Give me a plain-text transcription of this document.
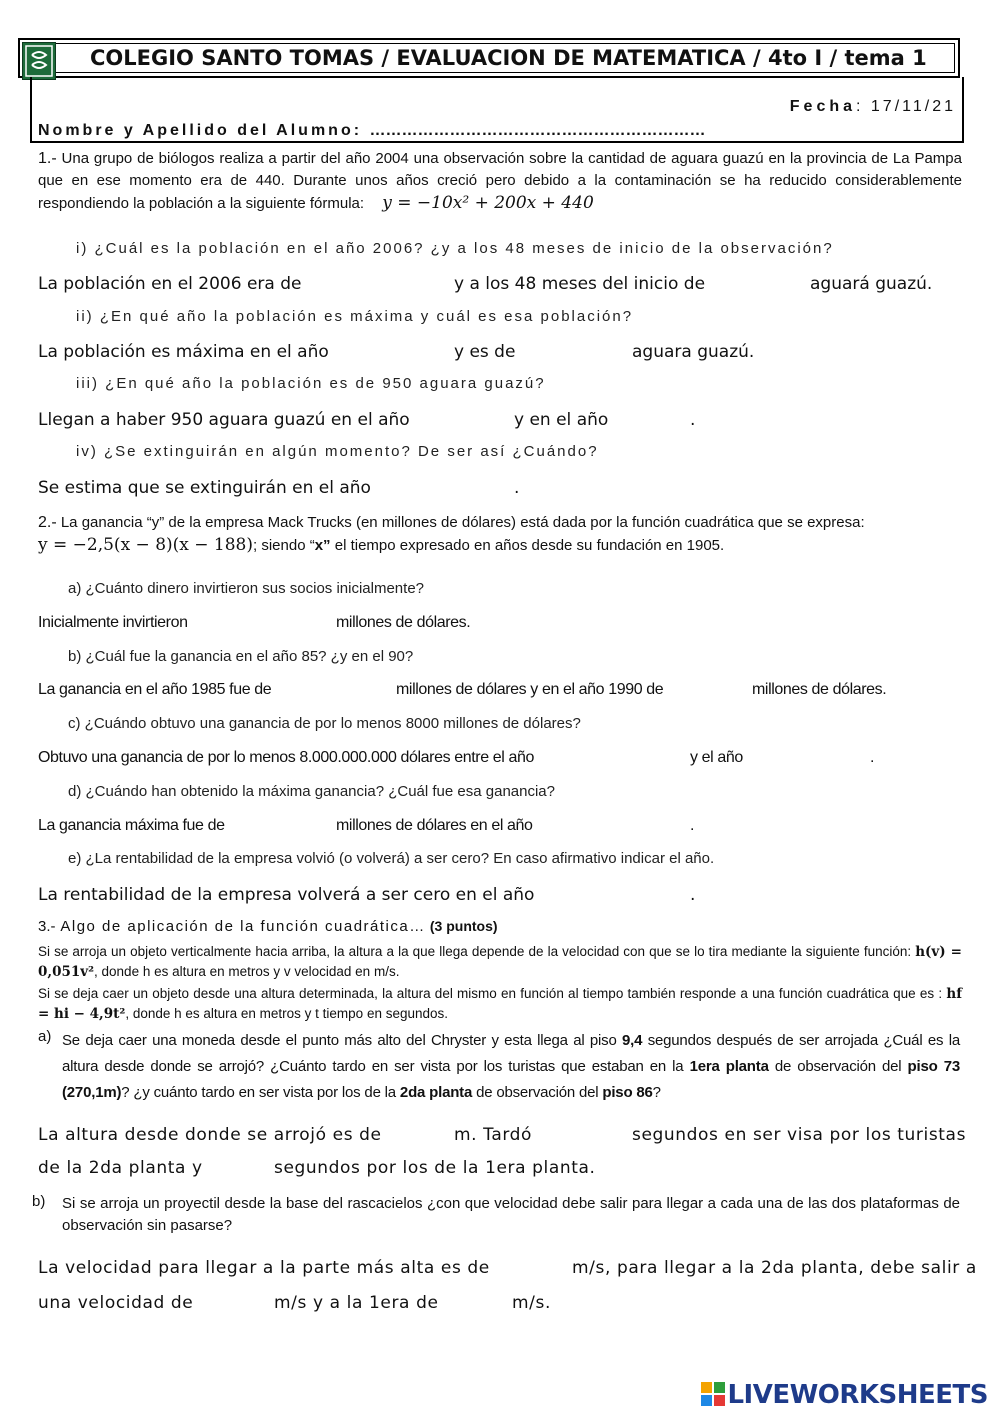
COLEGIO SANTO TOMAS / EVALUACION DE MATEMATICA / 4to I / tema 1
Fecha: 17/11/21
Nombre y Apellido del Alumno: ………………………………………………………
1.- Una grupo de biólogos realiza a partir del año 2004 una observación sobre la cantidad de aguara guazú en la provincia de La Pampa que en ese momento era de 440. Durante unos años creció pero debido a la contaminación se ha reducido considerablemente respondiendo la población a la siguiente fórmula: y = −10x² + 200x + 440
i) ¿Cuál es la población en el año 2006? ¿y a los 48 meses de inicio de la observación?
La población en el 2006 era de	y a los 48 meses del inicio de	aguará guazú.
ii) ¿En qué año la población es máxima y cuál es esa población?
La población es máxima en el año	y es de	aguara guazú.
iii) ¿En qué año la población es de 950 aguara guazú?
Llegan a haber 950 aguara guazú en el año	y en el año	.
iv) ¿Se extinguirán en algún momento? De ser así ¿Cuándo?
Se estima que se extinguirán en el año	.
2.- La ganancia “y” de la empresa Mack Trucks (en millones de dólares) está dada por la función cuadrática que se expresa:
y = −2,5(x − 8)(x − 188); siendo “x” el tiempo expresado en años desde su fundación en 1905.
a) ¿Cuánto dinero invirtieron sus socios inicialmente?
Inicialmente invirtieron	millones de dólares.
b) ¿Cuál fue la ganancia en el año 85? ¿y en el 90?
La ganancia en el año 1985 fue de	millones de dólares y en el año 1990 de	millones de dólares.
c) ¿Cuándo obtuvo una ganancia de por lo menos 8000 millones de dólares?
Obtuvo una ganancia de por lo menos 8.000.000.000 dólares entre el año	y el año	.
d) ¿Cuándo han obtenido la máxima ganancia? ¿Cuál fue esa ganancia?
La ganancia máxima fue de	millones de dólares en el año	.
e) ¿La rentabilidad de la empresa volvió (o volverá) a ser cero? En caso afirmativo indicar el año.
La rentabilidad de la empresa volverá a ser cero en el año	.
3.- Algo de aplicación de la función cuadrática… (3 puntos)
Si se arroja un objeto verticalmente hacia arriba, la altura a la que llega depende de la velocidad con que se lo tira mediante la siguiente función: h(v) = 0,051v², donde h es altura en metros y v velocidad en m/s.
Si se deja caer un objeto desde una altura determinada, la altura del mismo en función al tiempo también responde a una función cuadrática que es : hf = hi − 4,9t², donde h es altura en metros y t tiempo en segundos.
a) Se deja caer una moneda desde el punto más alto del Chryster y esta llega al piso 9,4 segundos después de ser arrojada ¿Cuál es la altura desde donde se arrojó? ¿Cuánto tardo en ser vista por los turistas que estaban en la 1era planta de observación del piso 73 (270,1m)? ¿y cuánto tardo en ser vista por los de la 2da planta de observación del piso 86?
La altura desde donde se arrojó es de	m. Tardó	segundos en ser visa por los turistas
de la 2da planta y	segundos por los de la 1era planta.
b) Si se arroja un proyectil desde la base del rascacielos ¿con que velocidad debe salir para llegar a cada una de las dos plataformas de observación sin pasarse?
La velocidad para llegar a la parte más alta es de	m/s, para llegar a la 2da planta, debe salir a
una velocidad de	m/s y a la 1era de	m/s.
LIVEWORKSHEETS
